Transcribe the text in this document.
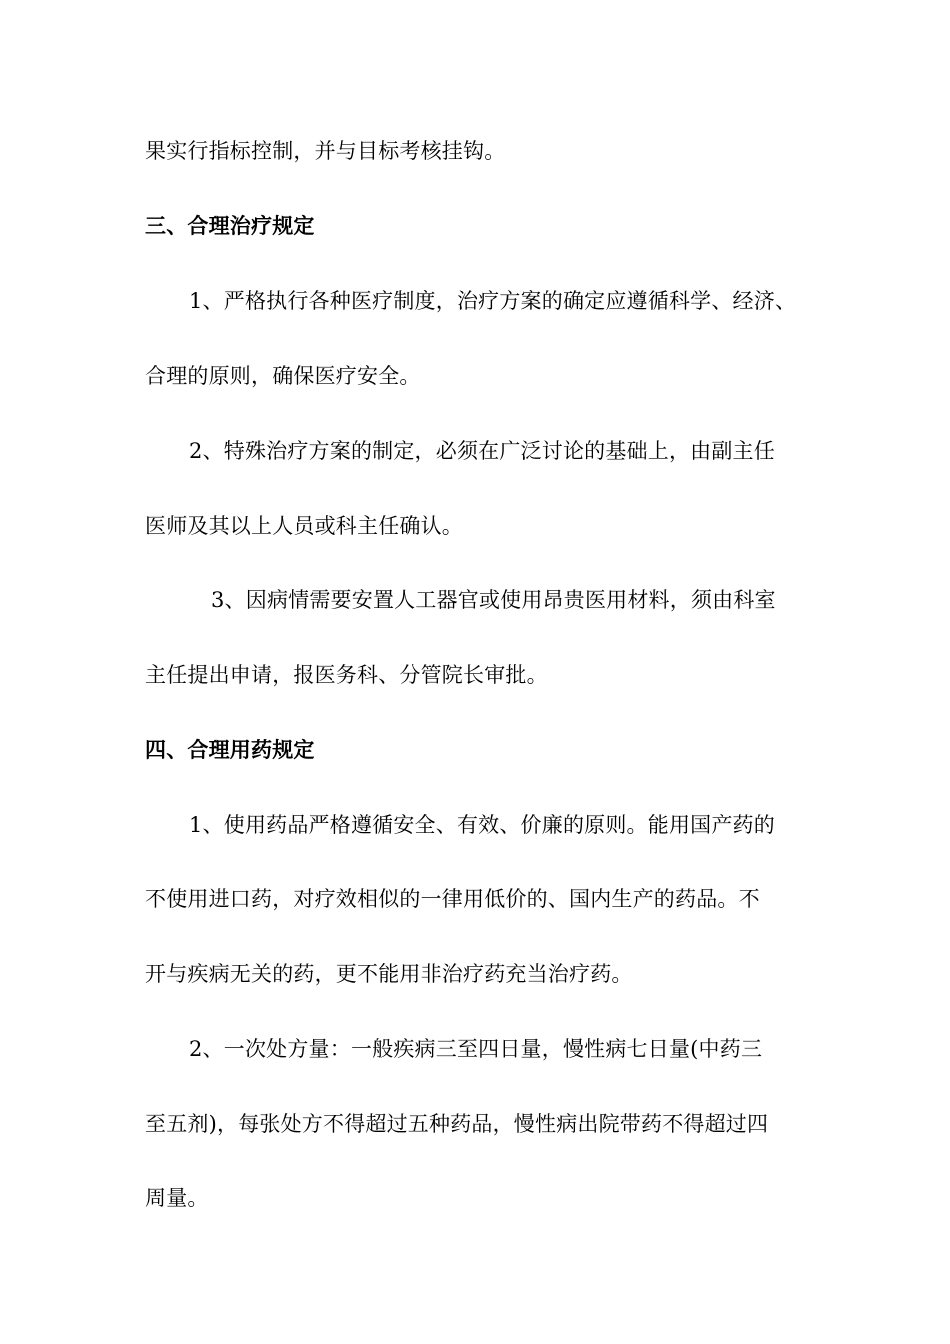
果实行指标控制，并与目标考核挂钩。
三、合理治疗规定
1、严格执行各种医疗制度，治疗方案的确定应遵循科学、经济、
合理的原则，确保医疗安全。
2、特殊治疗方案的制定，必须在广泛讨论的基础上，由副主任
医师及其以上人员或科主任确认。
3、因病情需要安置人工器官或使用昂贵医用材料，须由科室
主任提出申请，报医务科、分管院长审批。
四、合理用药规定
1、使用药品严格遵循安全、有效、价廉的原则。能用国产药的
不使用进口药，对疗效相似的一律用低价的、国内生产的药品。不
开与疾病无关的药，更不能用非治疗药充当治疗药。
2、一次处方量：一般疾病三至四日量，慢性病七日量(中药三
至五剂)，每张处方不得超过五种药品，慢性病出院带药不得超过四
周量。
